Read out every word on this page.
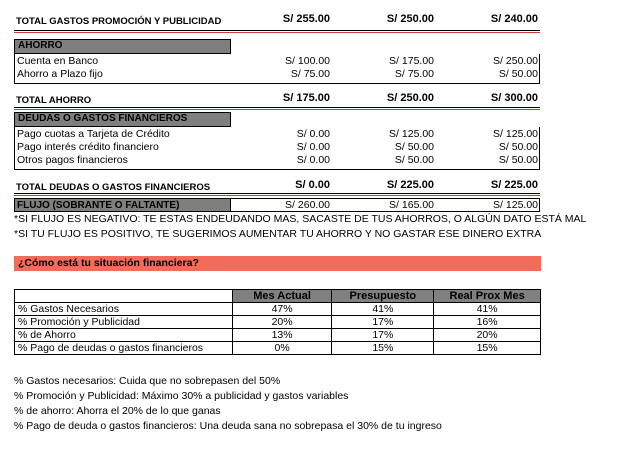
TOTAL GASTOS PROMOCIÓN Y PUBLICIDAD	S/ 255.00	S/ 250.00	S/ 240.00
AHORRO
Cuenta en Banco	S/ 100.00	S/ 175.00	S/ 250.00
Ahorro a Plazo fijo	S/ 75.00	S/ 75.00	S/ 50.00
TOTAL AHORRO	S/ 175.00	S/ 250.00	S/ 300.00
DEUDAS O GASTOS FINANCIEROS
Pago cuotas a Tarjeta de Crédito	S/ 0.00	S/ 125.00	S/ 125.00
Pago interés crédito financiero	S/ 0.00	S/ 50.00	S/ 50.00
Otros pagos financieros	S/ 0.00	S/ 50.00	S/ 50.00
TOTAL DEUDAS O GASTOS FINANCIEROS	S/ 0.00	S/ 225.00	S/ 225.00
FLUJO (SOBRANTE O FALTANTE)	S/ 260.00	S/ 165.00	S/ 125.00
*SI FLUJO ES NEGATIVO: TE ESTAS ENDEUDANDO MAS, SACASTE DE TUS AHORROS, O ALGÚN DATO ESTÁ MAL
*SI TU FLUJO ES POSITIVO, TE SUGERIMOS AUMENTAR TU AHORRO Y NO GASTAR ESE DINERO EXTRA
¿Cómo está tu situación financiera?
	Mes Actual	Presupuesto	Real Prox Mes
% Gastos Necesarios	47%	41%	41%
% Promoción y Publicidad	20%	17%	16%
% de Ahorro	13%	17%	20%
% Pago de deudas o gastos financieros	0%	15%	15%
% Gastos necesarios: Cuida que no sobrepasen del 50%
% Promoción y Publicidad: Máximo 30% a publicidad y gastos variables
% de ahorro: Ahorra el 20% de lo que ganas
% Pago de deuda o gastos financieros: Una deuda sana no sobrepasa el 30% de tu ingreso
